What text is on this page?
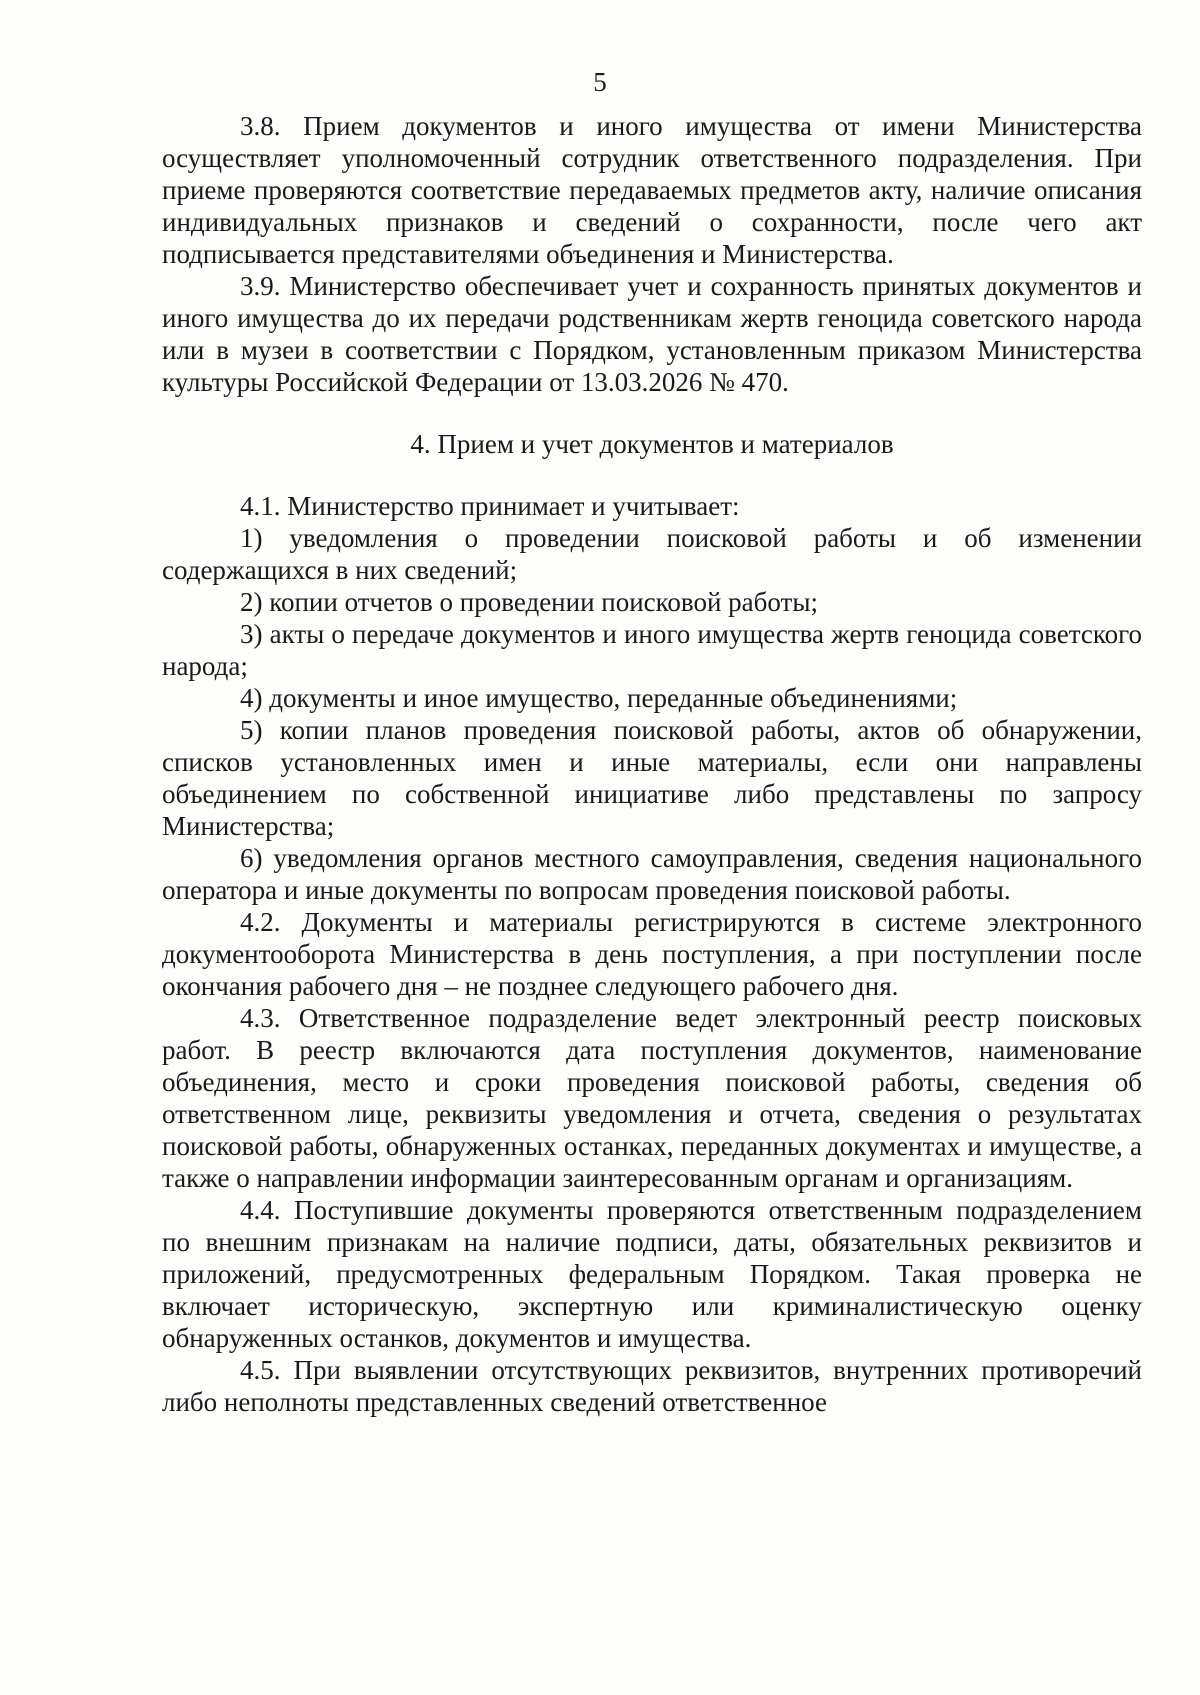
5

3.8. Прием документов и иного имущества от имени Министерства осуществляет уполномоченный сотрудник ответственного подразделения. При приеме проверяются соответствие передаваемых предметов акту, наличие описания индивидуальных признаков и сведений о сохранности, после чего акт подписывается представителями объединения и Министерства.

3.9. Министерство обеспечивает учет и сохранность принятых документов и иного имущества до их передачи родственникам жертв геноцида советского народа или в музеи в соответствии с Порядком, установленным приказом Министерства культуры Российской Федерации от 13.03.2026 № 470.

4. Прием и учет документов и материалов

4.1. Министерство принимает и учитывает:

1) уведомления о проведении поисковой работы и об изменении содержащихся в них сведений;

2) копии отчетов о проведении поисковой работы;

3) акты о передаче документов и иного имущества жертв геноцида советского народа;

4) документы и иное имущество, переданные объединениями;

5) копии планов проведения поисковой работы, актов об обнаружении, списков установленных имен и иные материалы, если они направлены объединением по собственной инициативе либо представлены по запросу Министерства;

6) уведомления органов местного самоуправления, сведения национального оператора и иные документы по вопросам проведения поисковой работы.

4.2. Документы и материалы регистрируются в системе электронного документооборота Министерства в день поступления, а при поступлении после окончания рабочего дня – не позднее следующего рабочего дня.

4.3. Ответственное подразделение ведет электронный реестр поисковых работ. В реестр включаются дата поступления документов, наименование объединения, место и сроки проведения поисковой работы, сведения об ответственном лице, реквизиты уведомления и отчета, сведения о результатах поисковой работы, обнаруженных останках, переданных документах и имуществе, а также о направлении информации заинтересованным органам и организациям.

4.4. Поступившие документы проверяются ответственным подразделением по внешним признакам на наличие подписи, даты, обязательных реквизитов и приложений, предусмотренных федеральным Порядком. Такая проверка не включает историческую, экспертную или криминалистическую оценку обнаруженных останков, документов и имущества.

4.5. При выявлении отсутствующих реквизитов, внутренних противоречий либо неполноты представленных сведений ответственное
